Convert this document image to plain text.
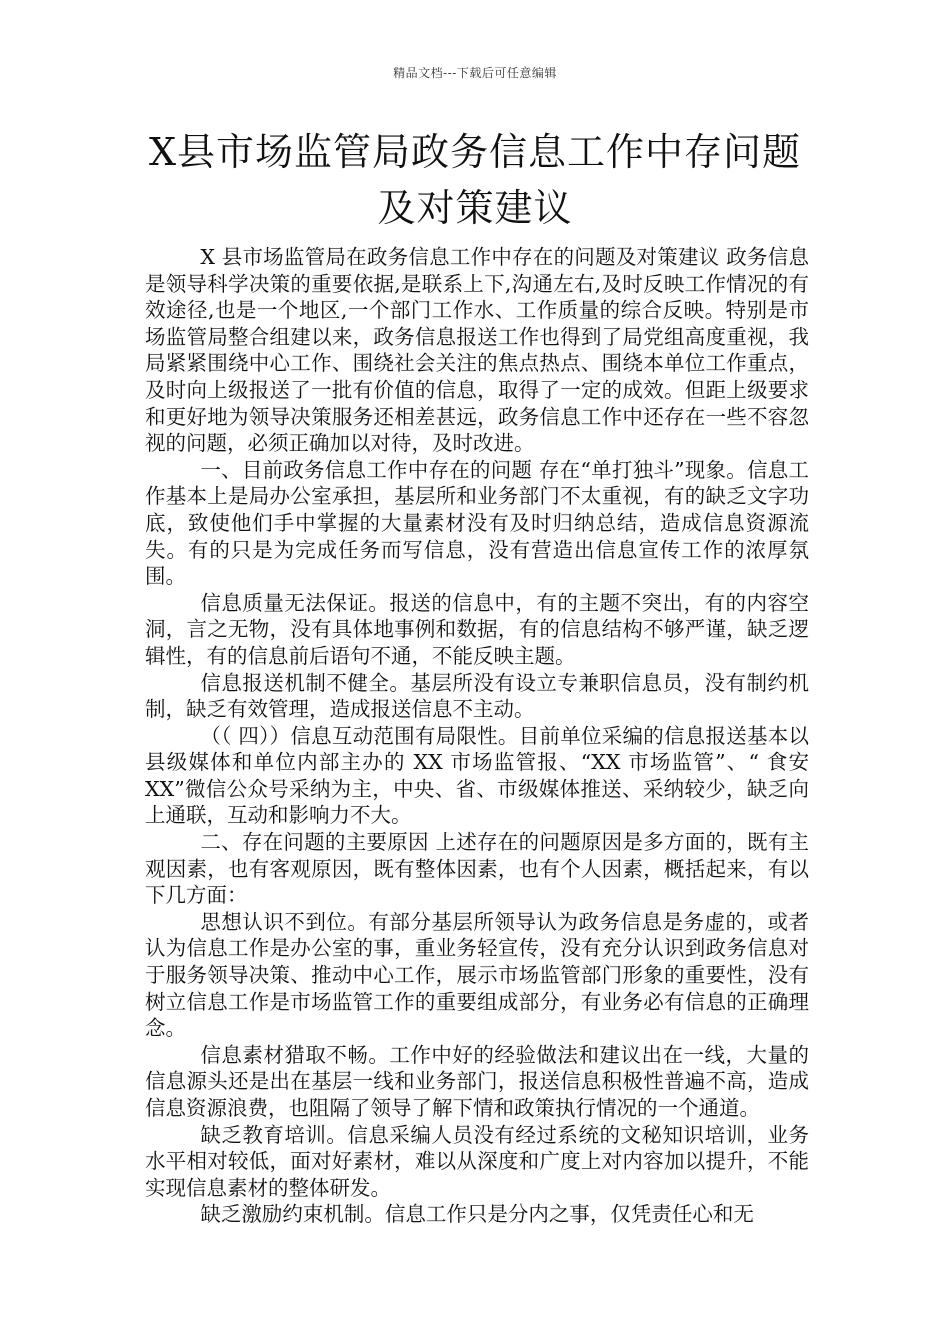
精品文档---下载后可任意编辑
X县市场监管局政务信息工作中存问题及对策建议

X 县市场监管局在政务信息工作中存在的问题及对策建议 政务信息是领导科学决策的重要依据,是联系上下,沟通左右,及时反映工作情况的有效途径,也是一个地区,一个部门工作水、工作质量的综合反映。特别是市场监管局整合组建以来，政务信息报送工作也得到了局党组高度重视，我局紧紧围绕中心工作、围绕社会关注的焦点热点、围绕本单位工作重点，及时向上级报送了一批有价值的信息，取得了一定的成效。但距上级要求和更好地为领导决策服务还相差甚远，政务信息工作中还存在一些不容忽视的问题，必须正确加以对待，及时改进。

一、目前政务信息工作中存在的问题 存在“单打独斗”现象。信息工作基本上是局办公室承担，基层所和业务部门不太重视，有的缺乏文字功底，致使他们手中掌握的大量素材没有及时归纳总结，造成信息资源流失。有的只是为完成任务而写信息，没有营造出信息宣传工作的浓厚氛围。

信息质量无法保证。报送的信息中，有的主题不突出，有的内容空洞，言之无物，没有具体地事例和数据，有的信息结构不够严谨，缺乏逻辑性，有的信息前后语句不通，不能反映主题。

信息报送机制不健全。基层所没有设立专兼职信息员，没有制约机制，缺乏有效管理，造成报送信息不主动。

（（ 四））信息互动范围有局限性。目前单位采编的信息报送基本以县级媒体和单位内部主办的 XX 市场监管报、“XX 市场监管”、“ 食安 XX”微信公众号采纳为主，中央、省、市级媒体推送、采纳较少，缺乏向上通联，互动和影响力不大。

二、存在问题的主要原因 上述存在的问题原因是多方面的，既有主观因素，也有客观原因，既有整体因素，也有个人因素，概括起来，有以下几方面：

思想认识不到位。有部分基层所领导认为政务信息是务虚的，或者认为信息工作是办公室的事，重业务轻宣传，没有充分认识到政务信息对于服务领导决策、推动中心工作，展示市场监管部门形象的重要性，没有树立信息工作是市场监管工作的重要组成部分，有业务必有信息的正确理念。

信息素材猎取不畅。工作中好的经验做法和建议出在一线，大量的信息源头还是出在基层一线和业务部门，报送信息积极性普遍不高，造成信息资源浪费，也阻隔了领导了解下情和政策执行情况的一个通道。

缺乏教育培训。信息采编人员没有经过系统的文秘知识培训，业务水平相对较低，面对好素材，难以从深度和广度上对内容加以提升，不能实现信息素材的整体研发。

缺乏激励约束机制。信息工作只是分内之事，仅凭责任心和无
